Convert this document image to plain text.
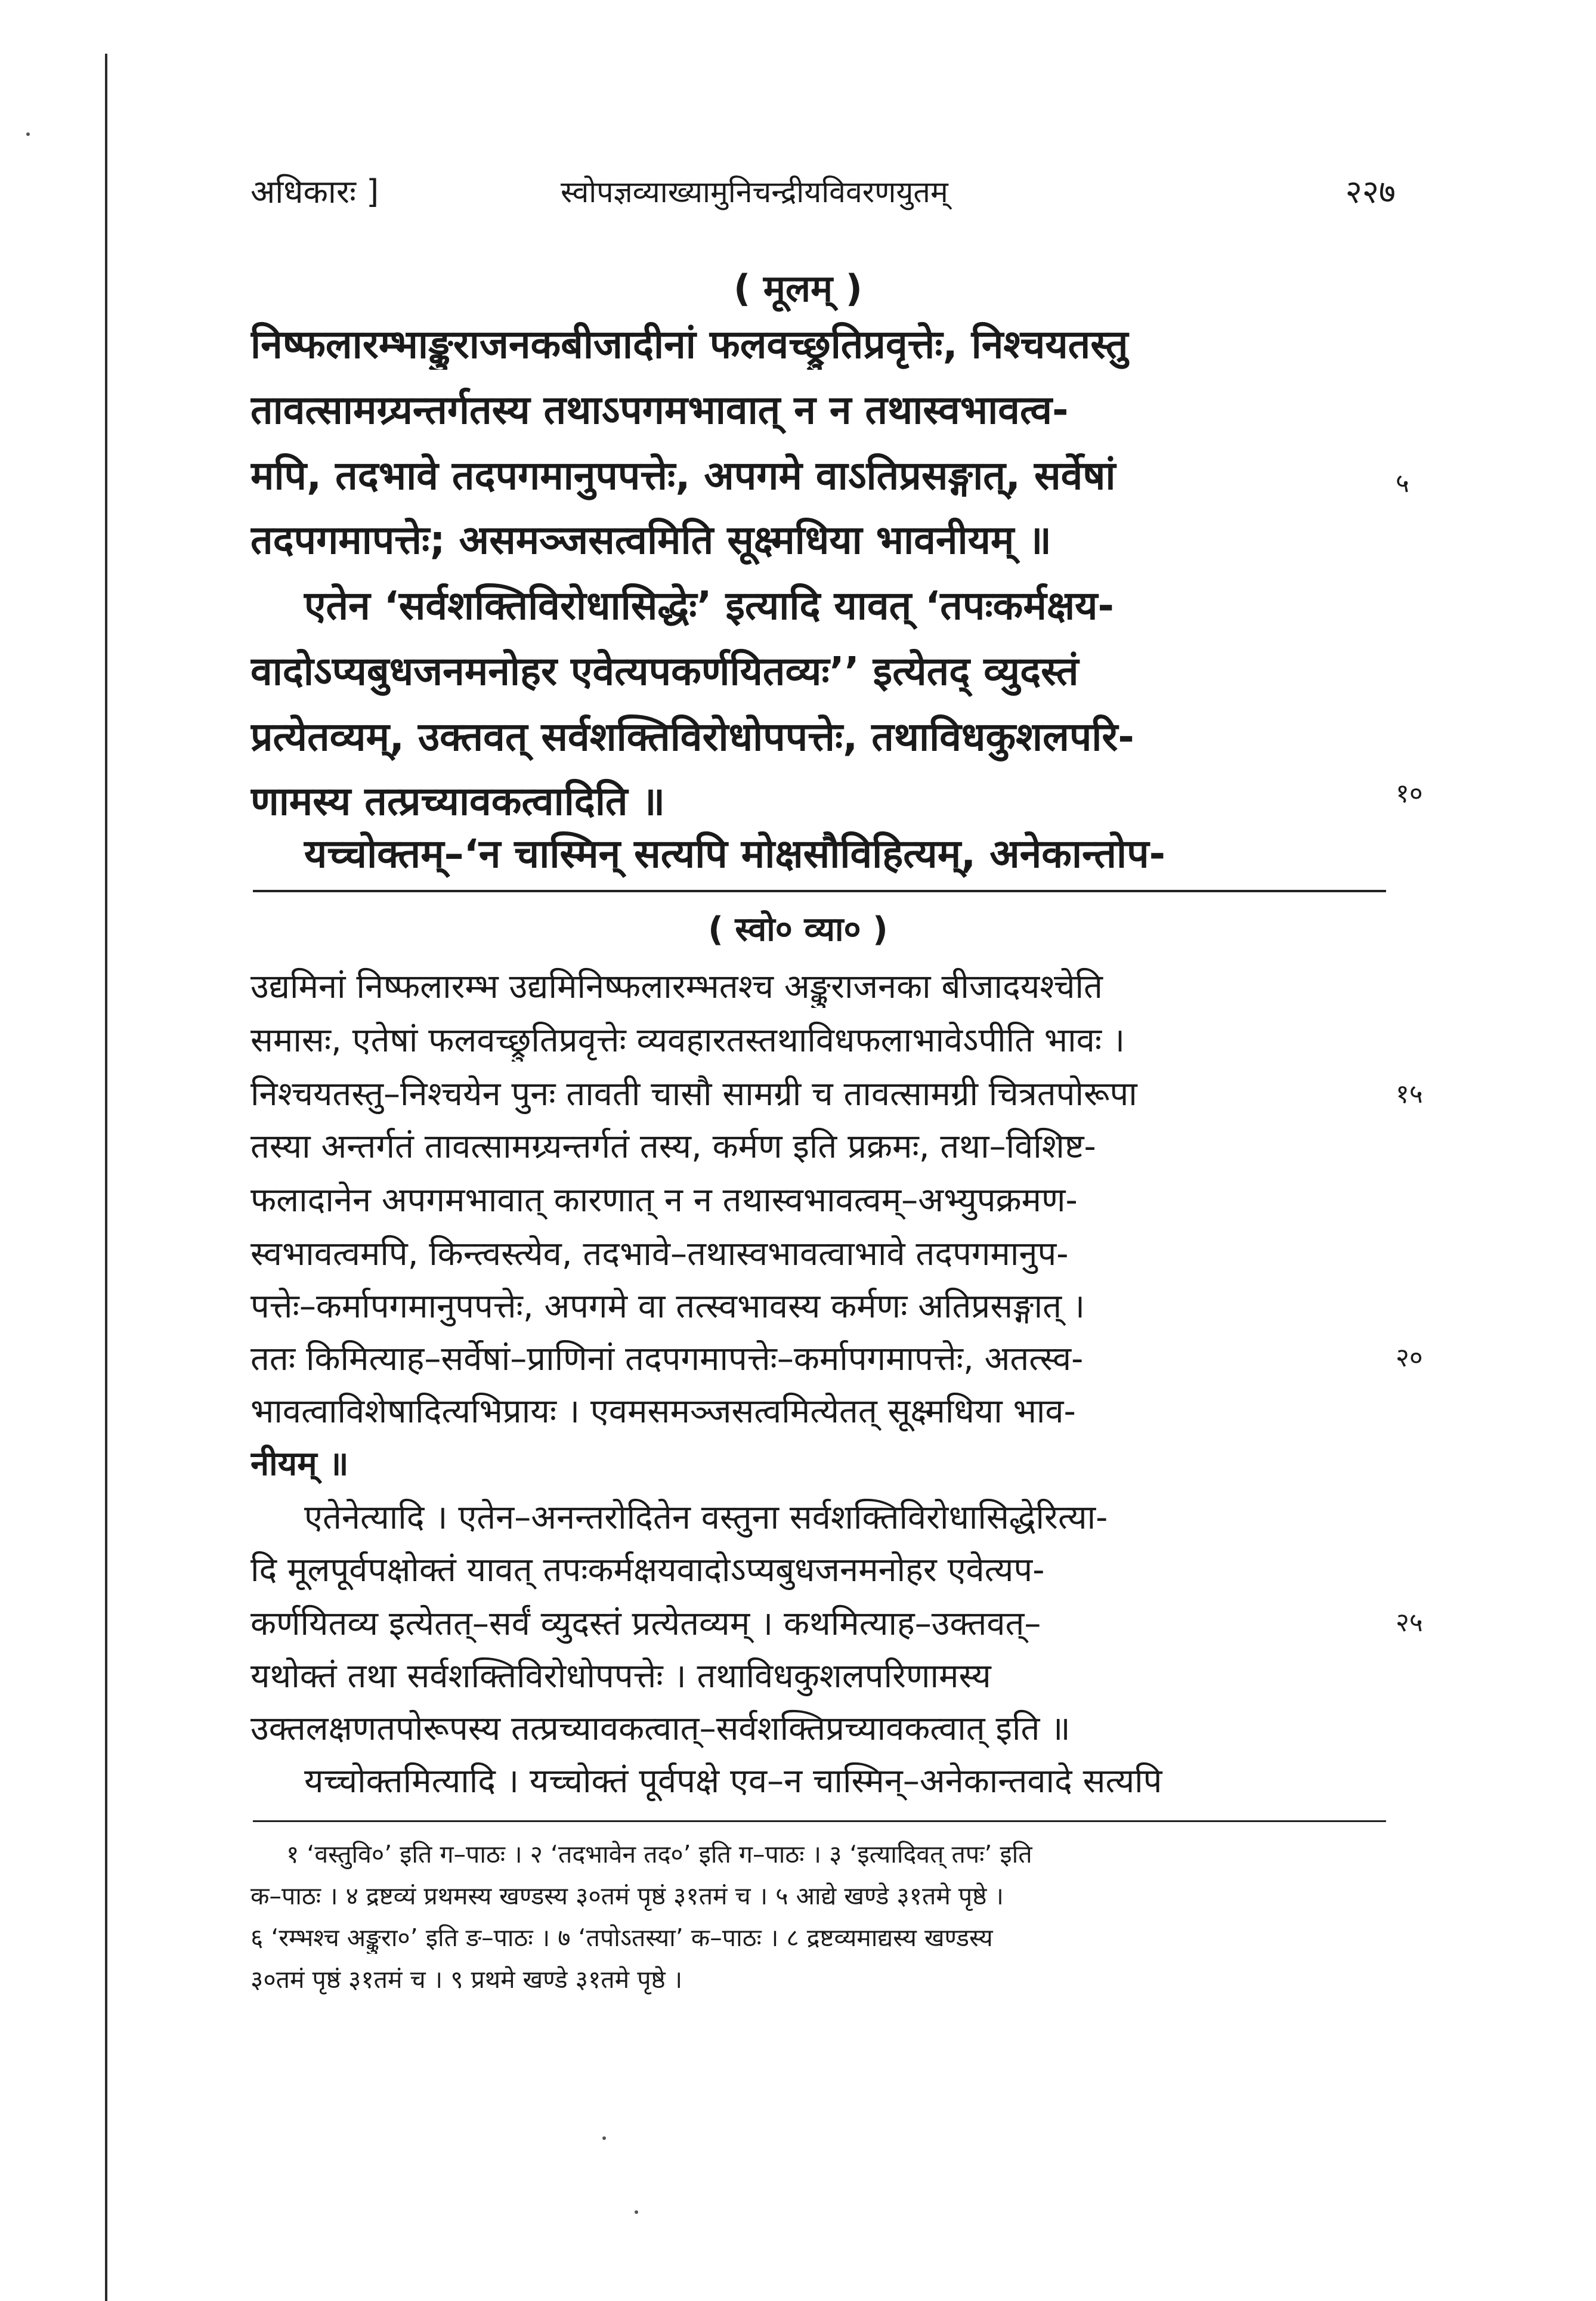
अधिकारः ]	स्वोपज्ञव्याख्यामुनिचन्द्रीयविवरणयुतम्	२२७
( मूलम् )
निष्फलारम्भाङ्कुराजनकबीजादीनां फलवच्छ्रुतिप्रवृत्तेः, निश्चयतस्तु
तावत्सामग्र्यन्तर्गतस्य तथाऽपगमभावात् न न तथास्वभावत्व-
मपि, तदभावे तदपगमानुपपत्तेः, अपगमे वाऽतिप्रसङ्गात्, सर्वेषां
तदपगमापत्तेः; असमञ्जसत्वमिति सूक्ष्मधिया भावनीयम् ॥
एतेन ‘सर्वशक्तिविरोधासिद्धेः’ इत्यादि यावत् ‘तपःकर्मक्षय-
वादोऽप्यबुधजनमनोहर एवेत्यपकर्णयितव्यः’’ इत्येतद् व्युदस्तं
प्रत्येतव्यम्, उक्तवत् सर्वशक्तिविरोधोपपत्तेः, तथाविधकुशलपरि-
णामस्य तत्प्रच्यावकत्वादिति ॥
यच्चोक्तम्–‘न चास्मिन् सत्यपि मोक्षसौविहित्यम्, अनेकान्तोप-
( स्वो० व्या० )
उद्यमिनां निष्फलारम्भ उद्यमिनिष्फलारम्भतश्च अङ्कुराजनका बीजादयश्चेति
समासः, एतेषां फलवच्छ्रुतिप्रवृत्तेः व्यवहारतस्तथाविधफलाभावेऽपीति भावः ।
निश्चयतस्तु–निश्चयेन पुनः तावती चासौ सामग्री च तावत्सामग्री चित्रतपोरूपा
तस्या अन्तर्गतं तावत्सामग्र्यन्तर्गतं तस्य, कर्मण इति प्रक्रमः, तथा–विशिष्ट-
फलादानेन अपगमभावात् कारणात् न न तथास्वभावत्वम्–अभ्युपक्रमण-
स्वभावत्वमपि, किन्त्वस्त्येव, तदभावे–तथास्वभावत्वाभावे तदपगमानुप-
पत्तेः–कर्मापगमानुपपत्तेः, अपगमे वा तत्स्वभावस्य कर्मणः अतिप्रसङ्गात् ।
ततः किमित्याह–सर्वेषां–प्राणिनां तदपगमापत्तेः–कर्मापगमापत्तेः, अतत्स्व-
भावत्वाविशेषादित्यभिप्रायः । एवमसमञ्जसत्वमित्येतत् सूक्ष्मधिया भाव-
नीयम् ॥
एतेनेत्यादि । एतेन–अनन्तरोदितेन वस्तुना सर्वशक्तिविरोधासिद्धेरित्या-
दि मूलपूर्वपक्षोक्तं यावत् तपःकर्मक्षयवादोऽप्यबुधजनमनोहर एवेत्यप-
कर्णयितव्य इत्येतत्–सर्वं व्युदस्तं प्रत्येतव्यम् । कथमित्याह–उक्तवत्–
यथोक्तं तथा सर्वशक्तिविरोधोपपत्तेः । तथाविधकुशलपरिणामस्य
उक्तलक्षणतपोरूपस्य तत्प्रच्यावकत्वात्–सर्वशक्तिप्रच्यावकत्वात् इति ॥
यच्चोक्तमित्यादि । यच्चोक्तं पूर्वपक्षे एव–न चास्मिन्–अनेकान्तवादे सत्यपि
१ ‘वस्तुवि०’ इति ग–पाठः । २ ‘तदभावेन तद०’ इति ग–पाठः । ३ ‘इत्यादिवत् तपः’ इति
क–पाठः । ४ द्रष्टव्यं प्रथमस्य खण्डस्य ३०तमं पृष्ठं ३१तमं च । ५ आद्ये खण्डे ३१तमे पृष्ठे ।
६ ‘रम्भश्च अङ्कुरा०’ इति ङ–पाठः । ७ ‘तपोऽतस्या’ क–पाठः । ८ द्रष्टव्यमाद्यस्य खण्डस्य
३०तमं पृष्ठं ३१तमं च । ९ प्रथमे खण्डे ३१तमे पृष्ठे ।
५
१०
१५
२०
२५
